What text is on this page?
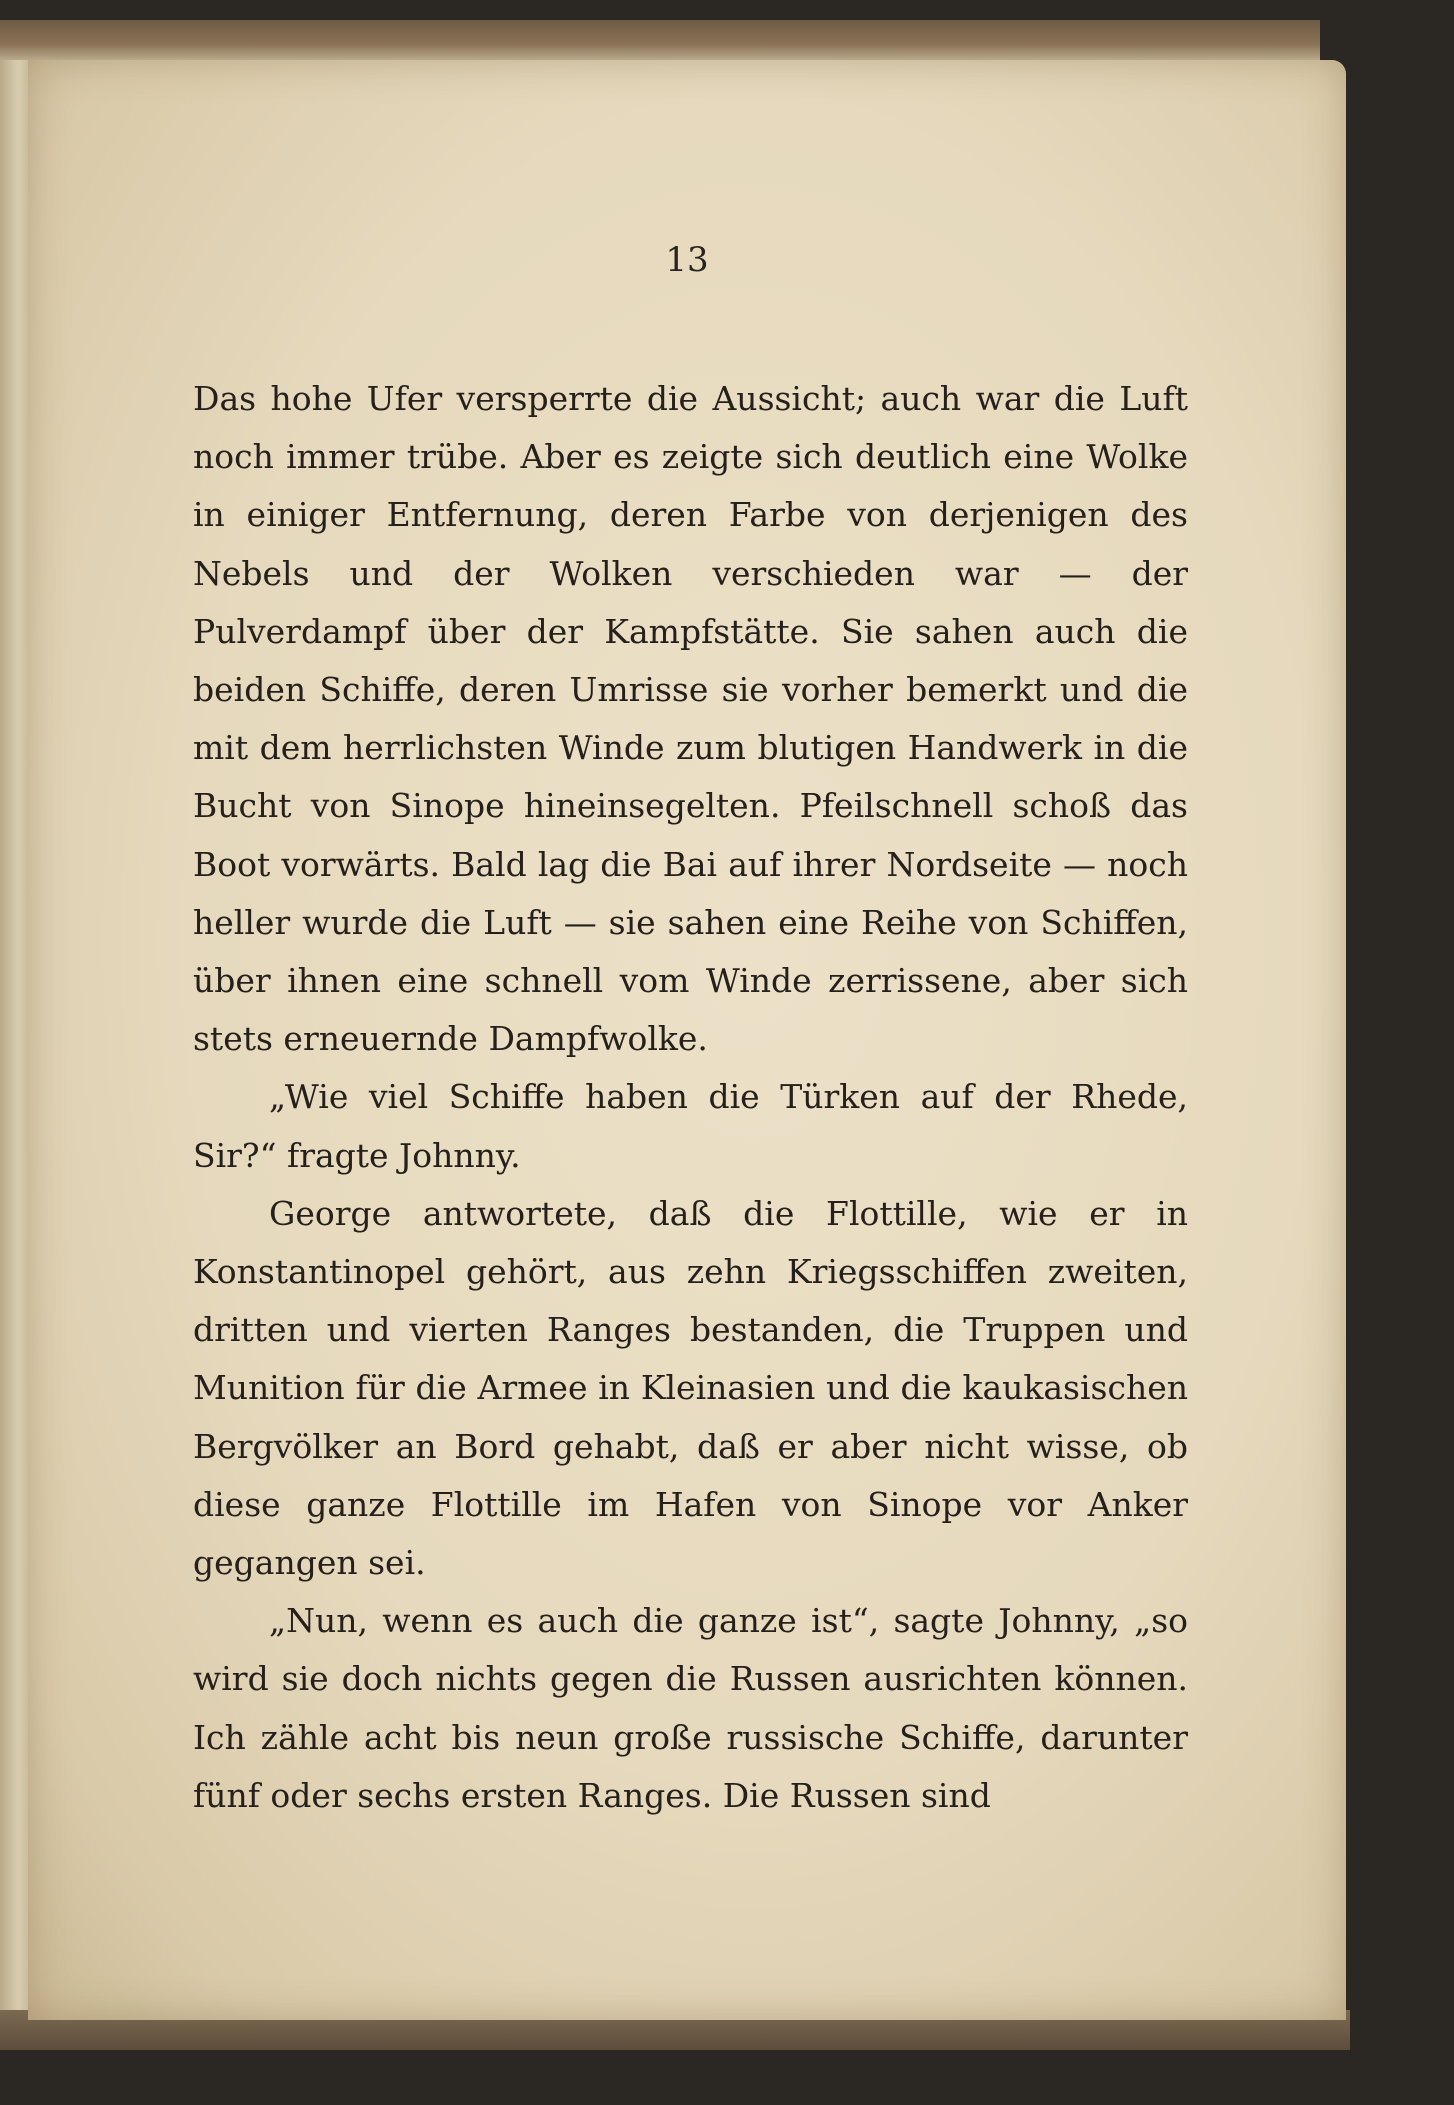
13

Das hohe Ufer versperrte die Aussicht; auch war die Luft noch immer trübe. Aber es zeigte sich deutlich eine Wolke in einiger Entfernung, deren Farbe von derjenigen des Nebels und der Wolken verschieden war — der Pulverdampf über der Kampfstätte. Sie sahen auch die beiden Schiffe, deren Umrisse sie vorher bemerkt und die mit dem herrlichsten Winde zum blutigen Handwerk in die Bucht von Sinope hineinsegelten. Pfeilschnell schoß das Boot vorwärts. Bald lag die Bai auf ihrer Nordseite — noch heller wurde die Luft — sie sahen eine Reihe von Schiffen, über ihnen eine schnell vom Winde zerrissene, aber sich stets erneuernde Dampfwolke.

„Wie viel Schiffe haben die Türken auf der Rhede, Sir?“ fragte Johnny.

George antwortete, daß die Flottille, wie er in Konstantinopel gehört, aus zehn Kriegsschiffen zweiten, dritten und vierten Ranges bestanden, die Truppen und Munition für die Armee in Kleinasien und die kaukasischen Bergvölker an Bord gehabt, daß er aber nicht wisse, ob diese ganze Flottille im Hafen von Sinope vor Anker gegangen sei.

„Nun, wenn es auch die ganze ist“, sagte Johnny, „so wird sie doch nichts gegen die Russen ausrichten können. Ich zähle acht bis neun große russische Schiffe, darunter fünf oder sechs ersten Ranges. Die Russen sind
